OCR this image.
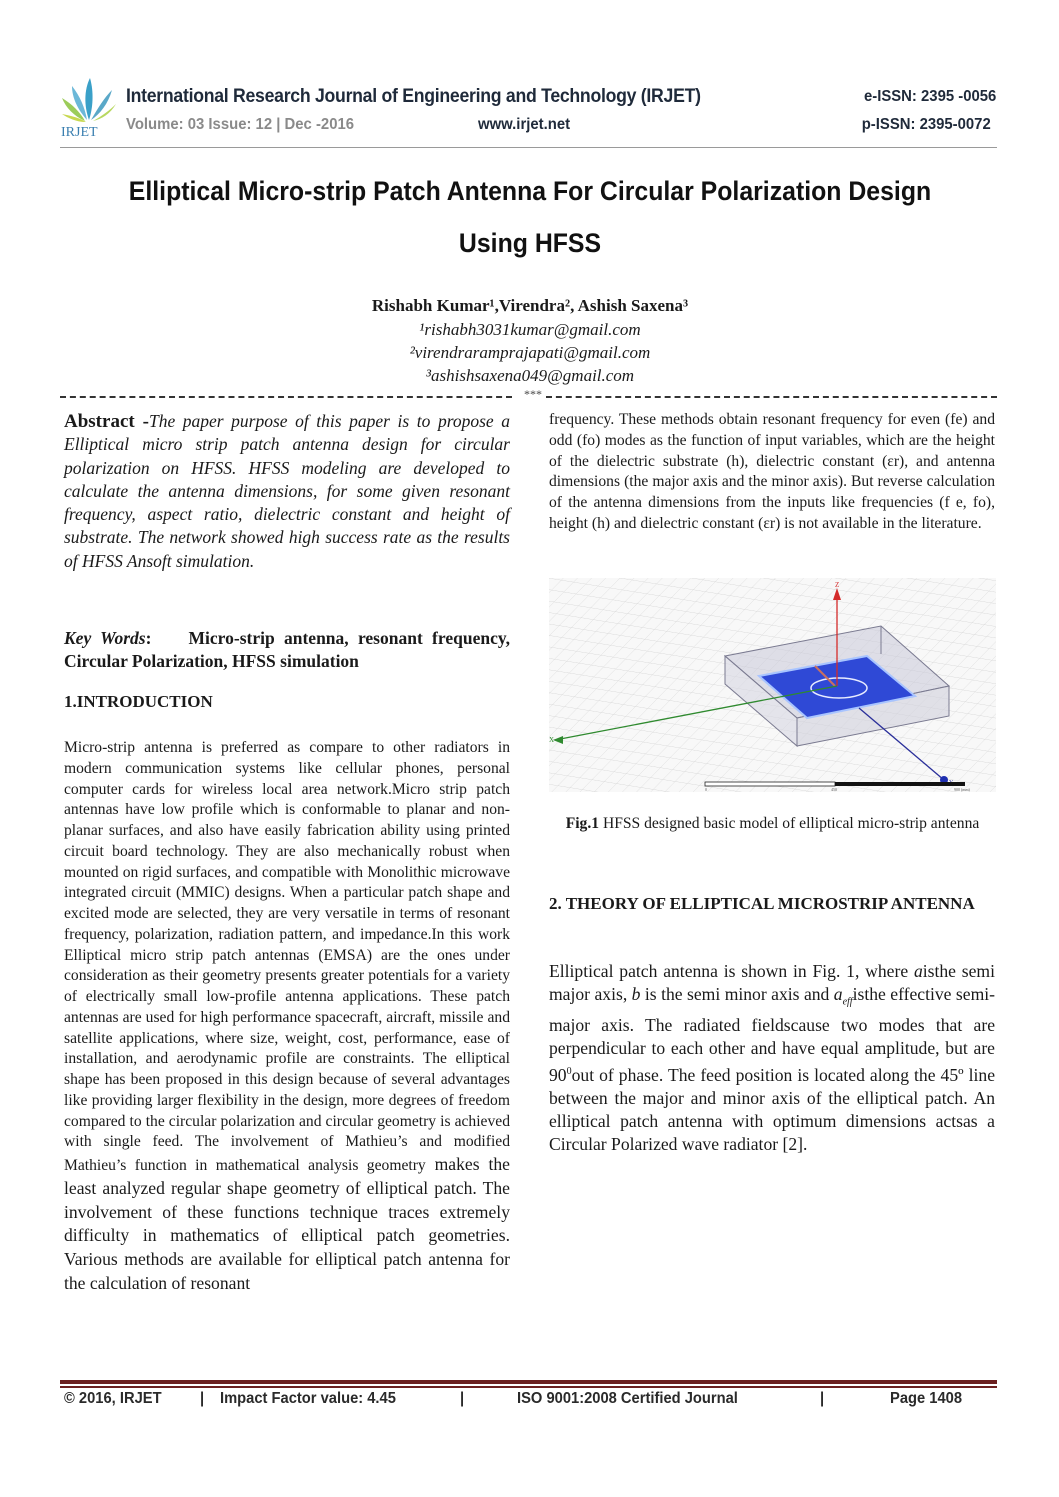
IRJET
International Research Journal of Engineering and Technology (IRJET)
Volume: 03 Issue: 12 | Dec -2016	www.irjet.net
e-ISSN: 2395 -0056
p-ISSN: 2395-0072
Elliptical Micro-strip Patch Antenna For Circular Polarization Design
Using HFSS
Rishabh Kumar¹,Virendra², Ashish Saxena³
¹rishabh3031kumar@gmail.com
²virendraramprajapati@gmail.com
³ashishsaxena049@gmail.com
***
Abstract -The paper purpose of this paper is to propose a Elliptical micro strip patch antenna design for circular polarization on HFSS. HFSS modeling are developed to calculate the antenna dimensions, for some given resonant frequency, aspect ratio, dielectric constant and height of substrate. The network showed high success rate as the results of HFSS Ansoft simulation.
Key Words: Micro-strip antenna, resonant frequency, Circular Polarization, HFSS simulation
1.INTRODUCTION
Micro-strip antenna is preferred as compare to other radiators in modern communication systems like cellular phones, personal computer cards for wireless local area network.Micro strip patch antennas have low profile which is conformable to planar and non-planar surfaces, and also have easily fabrication ability using printed circuit board technology. They are also mechanically robust when mounted on rigid surfaces, and compatible with Monolithic microwave integrated circuit (MMIC) designs. When a particular patch shape and excited mode are selected, they are very versatile in terms of resonant frequency, polarization, radiation pattern, and impedance.In this work Elliptical micro strip patch antennas (EMSA) are the ones under consideration as their geometry presents greater potentials for a variety of electrically small low-profile antenna applications. These patch antennas are used for high performance spacecraft, aircraft, missile and satellite applications, where size, weight, cost, performance, ease of installation, and aerodynamic profile are constraints. The elliptical shape has been proposed in this design because of several advantages like providing larger flexibility in the design, more degrees of freedom compared to the circular polarization and circular geometry is achieved with single feed. The involvement of Mathieu’s and modified Mathieu’s function in mathematical analysis geometry makes the least analyzed regular shape geometry of elliptical patch. The involvement of these functions technique traces extremely difficulty in mathematics of elliptical patch geometries. Various methods are available for elliptical patch antenna for the calculation of resonant
frequency. These methods obtain resonant frequency for even (fe) and odd (fo) modes as the function of input variables, which are the height of the dielectric substrate (h), dielectric constant (εr), and antenna dimensions (the major axis and the minor axis). But reverse calculation of the antenna dimensions from the inputs like frequencies (f e, fo), height (h) and dielectric constant (εr) is not available in the literature.
Z
X
0	450	900 (mm)
Fig.1 HFSS designed basic model of elliptical micro-strip antenna
2. THEORY OF ELLIPTICAL MICROSTRIP ANTENNA
Elliptical patch antenna is shown in Fig. 1, where aisthe semi major axis, b is the semi minor axis and $a_{eff}isthe$ effective semi-major axis. The radiated fieldscause two modes that are perpendicular to each other and have equal amplitude, but are $90^0out$ of phase. The feed position is located along the 45º line between the major and minor axis of the elliptical patch. An elliptical patch antenna with optimum dimensions actsas a Circular Polarized wave radiator [2].
© 2016, IRJET | Impact Factor value: 4.45	|	ISO 9001:2008 Certified Journal	|	Page 1408
